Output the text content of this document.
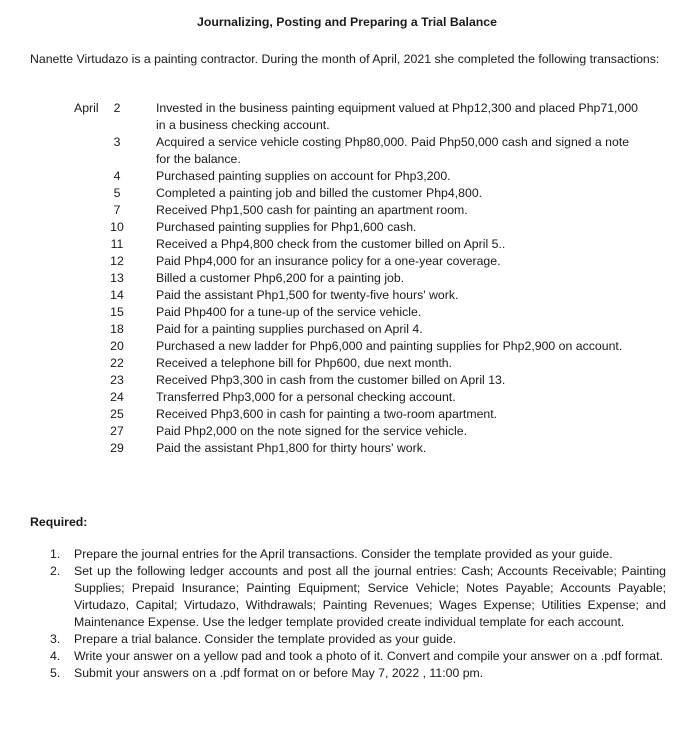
Journalizing, Posting and Preparing a Trial Balance
Nanette Virtudazo is a painting contractor. During the month of April, 2021 she completed the following transactions:
April	2	Invested in the business painting equipment valued at Php12,300 and placed Php71,000 in a business checking account.
3	Acquired a service vehicle costing Php80,000. Paid Php50,000 cash and signed a note for the balance.
4	Purchased painting supplies on account for Php3,200.
5	Completed a painting job and billed the customer Php4,800.
7	Received Php1,500 cash for painting an apartment room.
10	Purchased painting supplies for Php1,600 cash.
11	Received a Php4,800 check from the customer billed on April 5..
12	Paid Php4,000 for an insurance policy for a one-year coverage.
13	Billed a customer Php6,200 for a painting job.
14	Paid the assistant Php1,500 for twenty-five hours' work.
15	Paid Php400 for a tune-up of the service vehicle.
18	Paid for a painting supplies purchased on April 4.
20	Purchased a new ladder for Php6,000 and painting supplies for Php2,900 on account.
22	Received a telephone bill for Php600, due next month.
23	Received Php3,300 in cash from the customer billed on April 13.
24	Transferred Php3,000 for a personal checking account.
25	Received Php3,600 in cash for painting a two-room apartment.
27	Paid Php2,000 on the note signed for the service vehicle.
29	Paid the assistant Php1,800 for thirty hours' work.
Required:
1.	Prepare the journal entries for the April transactions. Consider the template provided as your guide.
2.	Set up the following ledger accounts and post all the journal entries: Cash; Accounts Receivable; Painting Supplies; Prepaid Insurance; Painting Equipment; Service Vehicle; Notes Payable; Accounts Payable; Virtudazo, Capital; Virtudazo, Withdrawals; Painting Revenues; Wages Expense; Utilities Expense; and Maintenance Expense. Use the ledger template provided create individual template for each account.
3.	Prepare a trial balance. Consider the template provided as your guide.
4.	Write your answer on a yellow pad and took a photo of it. Convert and compile your answer on a .pdf format.
5.	Submit your answers on a .pdf format on or before May 7, 2022 , 11:00 pm.
